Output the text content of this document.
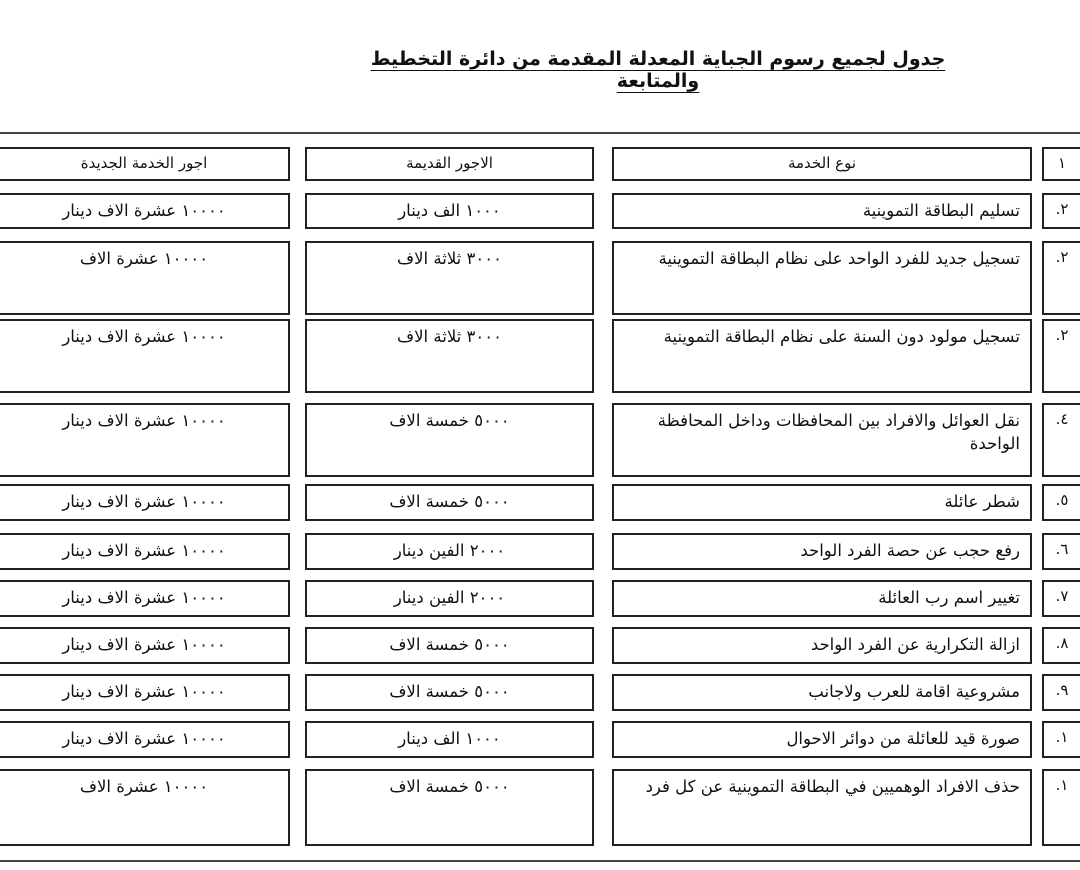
جدول لجميع رسوم الجباية المعدلة المقدمة من دائرة التخطيط والمتابعة
١
نوع الخدمة
الاجور القديمة
اجور الخدمة الجديدة
٢.
تسليم البطاقة التموينية
١٠٠٠ الف دينار
١٠٠٠٠ عشرة الاف دينار
٢.
تسجيل جديد للفرد الواحد على نظام البطاقة التموينية
٣٠٠٠ ثلاثة الاف
١٠٠٠٠ عشرة الاف
٢.
تسجيل مولود دون السنة على نظام البطاقة التموينية
٣٠٠٠ ثلاثة الاف
١٠٠٠٠ عشرة الاف دينار
٤.
نقل العوائل والافراد بين المحافظات وداخل المحافظة الواحدة
٥٠٠٠ خمسة الاف
١٠٠٠٠ عشرة الاف دينار
٥.
شطر عائلة
٥٠٠٠ خمسة الاف
١٠٠٠٠ عشرة الاف دينار
٦.
رفع حجب عن حصة الفرد الواحد
٢٠٠٠ الفين دينار
١٠٠٠٠ عشرة الاف دينار
٧.
تغيير اسم رب العائلة
٢٠٠٠ الفين دينار
١٠٠٠٠ عشرة الاف دينار
٨.
ازالة التكرارية عن الفرد الواحد
٥٠٠٠ خمسة الاف
١٠٠٠٠ عشرة الاف دينار
٩.
مشروعية اقامة للعرب ولاجانب
٥٠٠٠ خمسة الاف
١٠٠٠٠ عشرة الاف دينار
١.
صورة قيد للعائلة من دوائر الاحوال
١٠٠٠ الف دينار
١٠٠٠٠ عشرة الاف دينار
١.
حذف الافراد الوهميين في البطاقة التموينية عن كل فرد
٥٠٠٠ خمسة الاف
١٠٠٠٠ عشرة الاف
